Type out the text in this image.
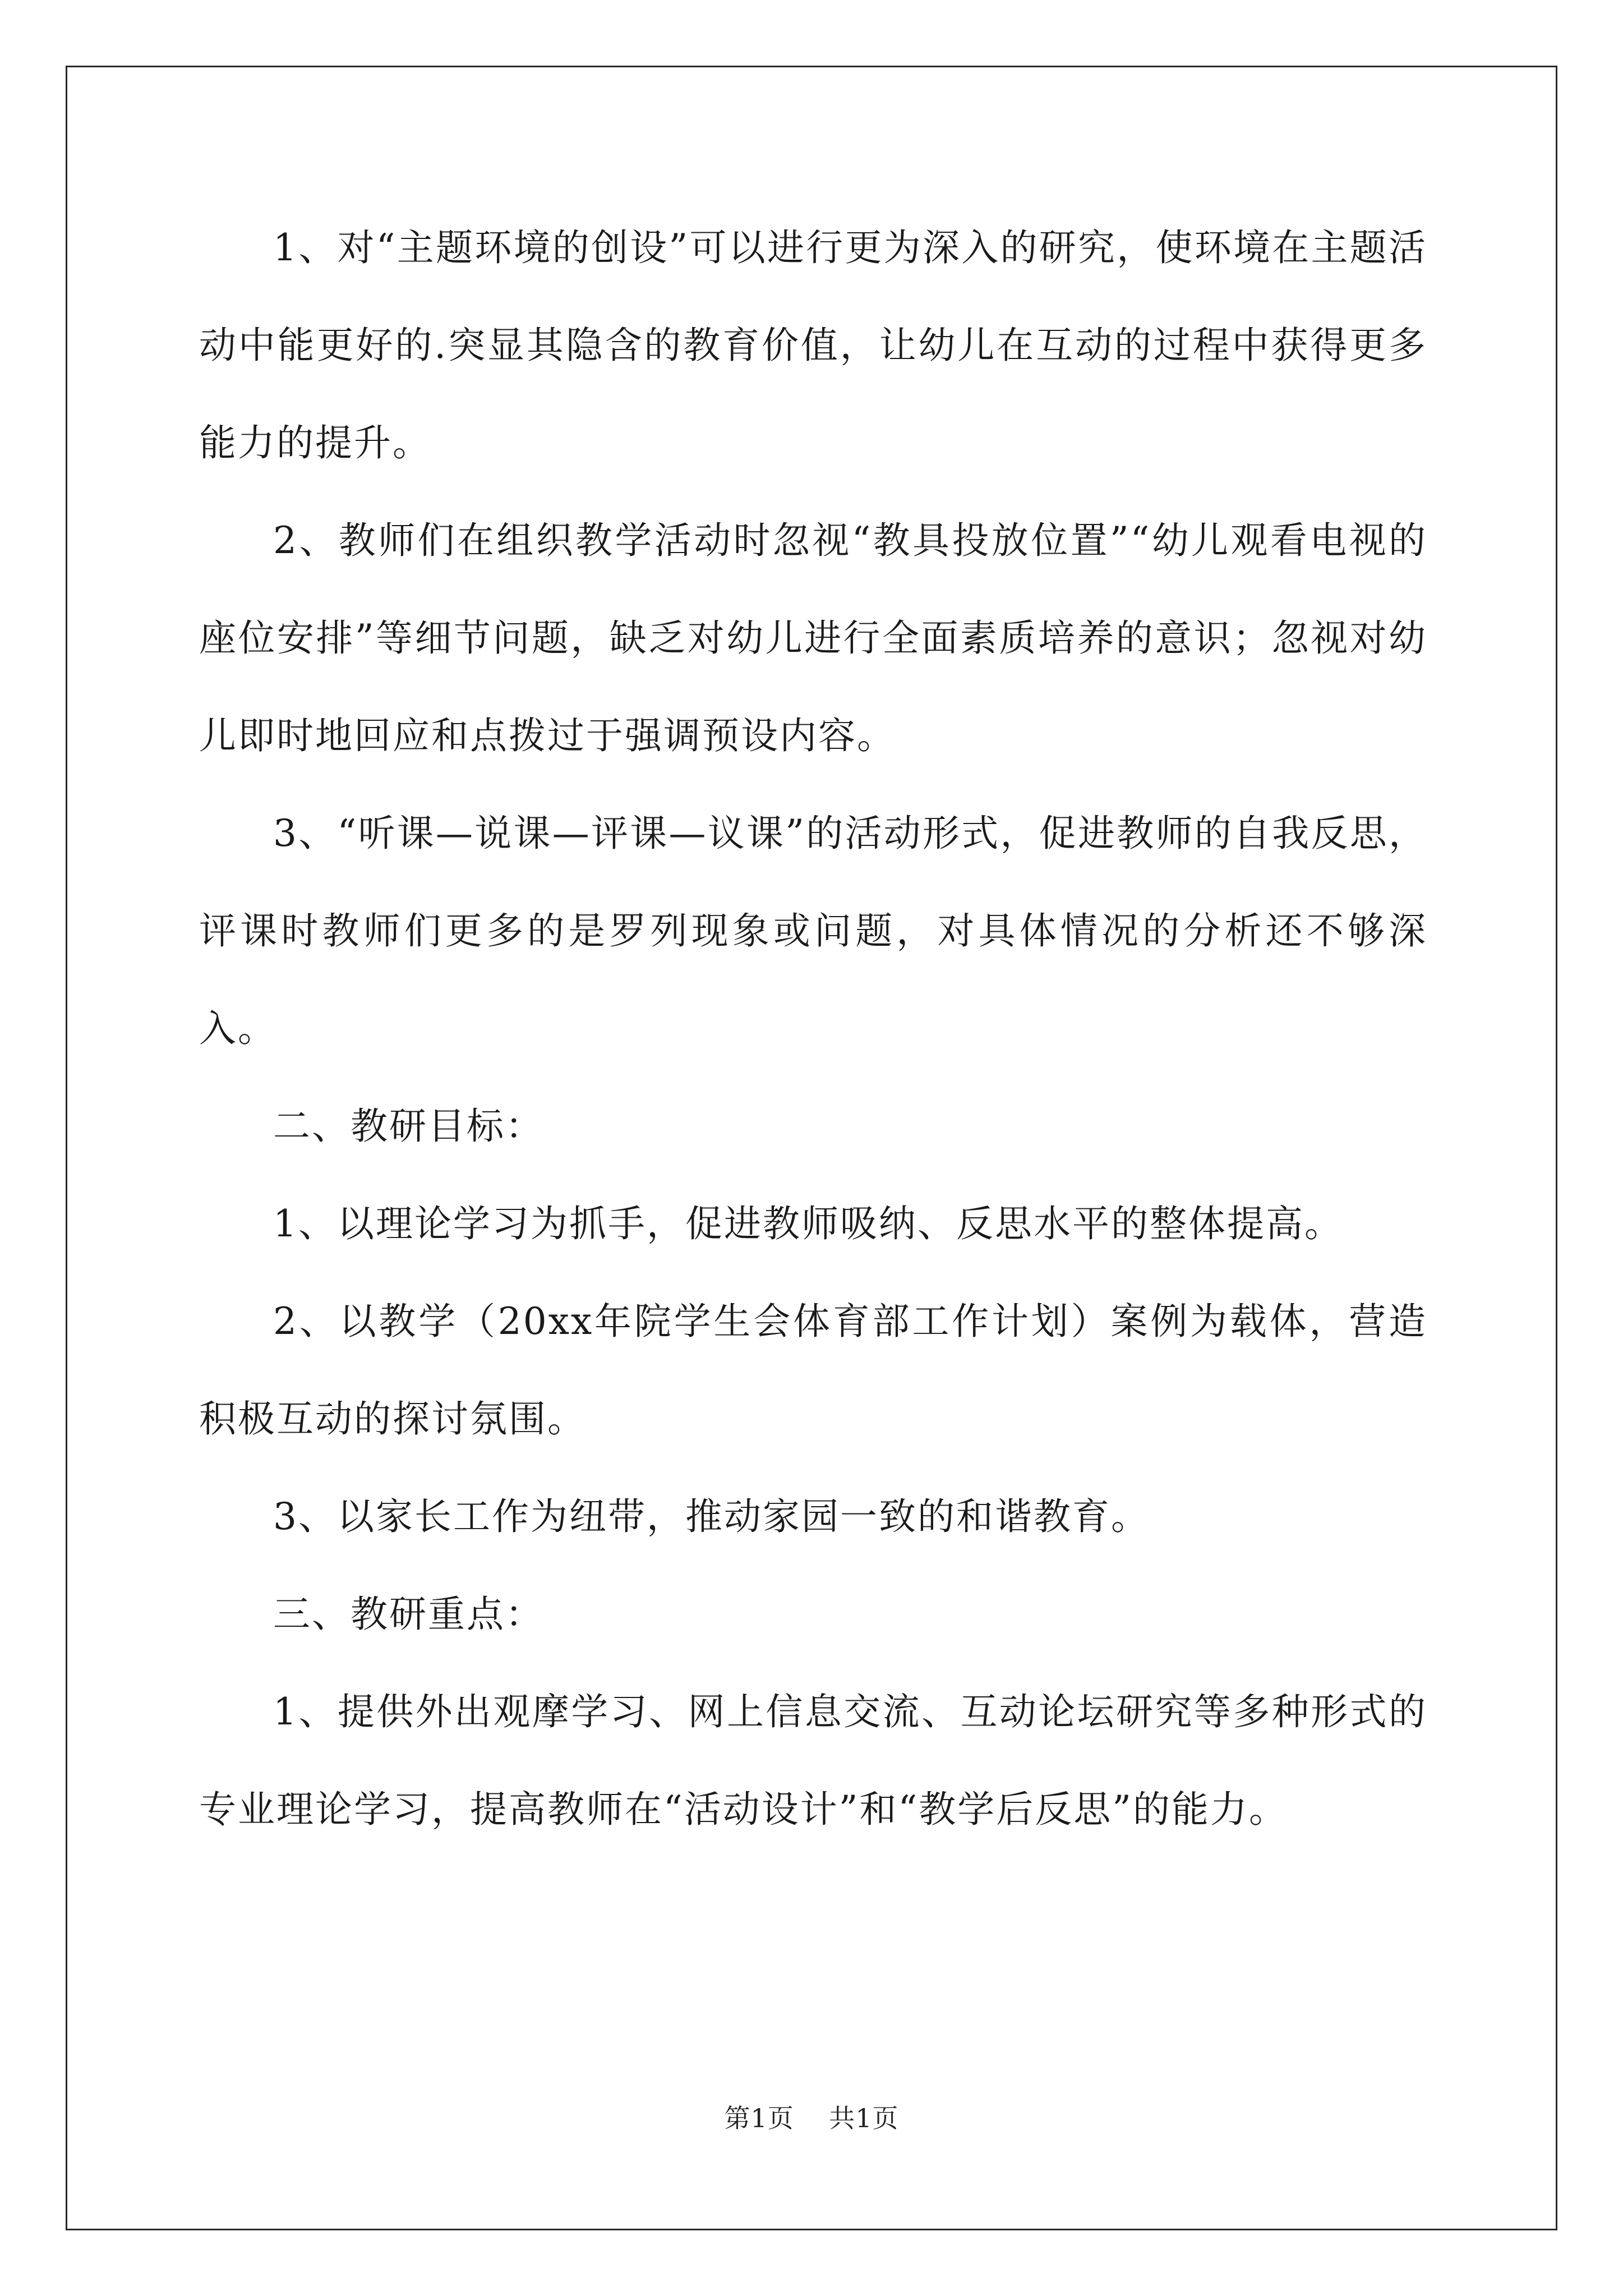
1、对“主题环境的创设”可以进行更为深入的研究，使环境在主题活动中能更好的.突显其隐含的教育价值，让幼儿在互动的过程中获得更多能力的提升。

2、教师们在组织教学活动时忽视“教具投放位置”“幼儿观看电视的座位安排”等细节问题，缺乏对幼儿进行全面素质培养的意识；忽视对幼儿即时地回应和点拨过于强调预设内容。

3、“听课—说课—评课—议课”的活动形式，促进教师的自我反思，评课时教师们更多的是罗列现象或问题，对具体情况的分析还不够深入。

二、教研目标：

1、以理论学习为抓手，促进教师吸纳、反思水平的整体提高。

2、以教学（20xx年院学生会体育部工作计划）案例为载体，营造积极互动的探讨氛围。

3、以家长工作为纽带，推动家园一致的和谐教育。

三、教研重点：

1、提供外出观摩学习、网上信息交流、互动论坛研究等多种形式的专业理论学习，提高教师在“活动设计”和“教学后反思”的能力。

第1页 共1页
